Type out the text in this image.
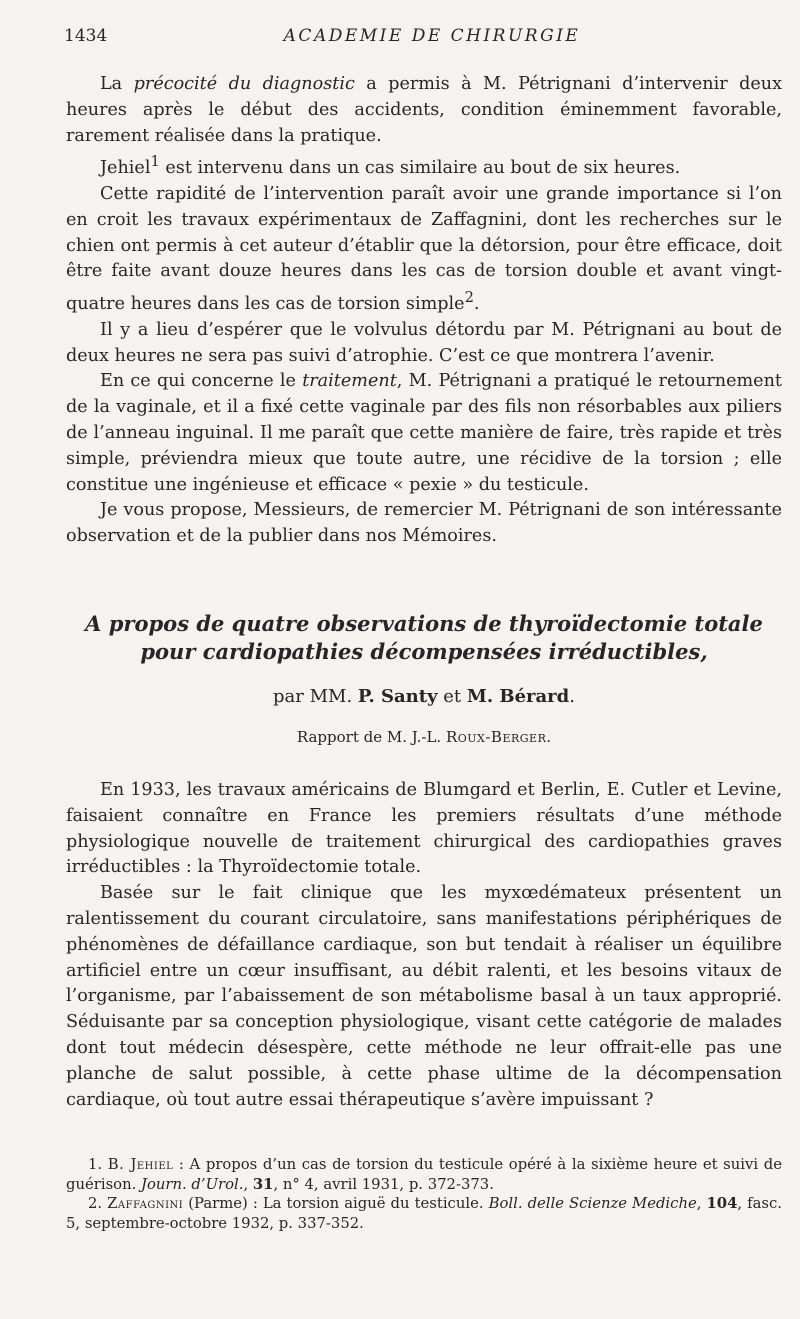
1434	ACADEMIE DE CHIRURGIE

La précocité du diagnostic a permis à M. Pétrignani d’intervenir deux heures après le début des accidents, condition éminemment favorable, rarement réalisée dans la pratique.

Jehiel$^1$ est intervenu dans un cas similaire au bout de six heures.

Cette rapidité de l’intervention paraît avoir une grande importance si l’on en croit les travaux expérimentaux de Zaffagnini, dont les recherches sur le chien ont permis à cet auteur d’établir que la détorsion, pour être efficace, doit être faite avant douze heures dans les cas de torsion double et avant vingt-quatre heures dans les cas de torsion simple$^2$.

Il y a lieu d’espérer que le volvulus détordu par M. Pétrignani au bout de deux heures ne sera pas suivi d’atrophie. C’est ce que montrera l’avenir.

En ce qui concerne le traitement, M. Pétrignani a pratiqué le retournement de la vaginale, et il a fixé cette vaginale par des fils non résorbables aux piliers de l’anneau inguinal. Il me paraît que cette manière de faire, très rapide et très simple, préviendra mieux que toute autre, une récidive de la torsion ; elle constitue une ingénieuse et efficace « pexie » du testicule.

Je vous propose, Messieurs, de remercier M. Pétrignani de son intéressante observation et de la publier dans nos Mémoires.

A propos de quatre observations de thyroïdectomie totale
pour cardiopathies décompensées irréductibles,
par MM. P. Santy et M. Bérard.
Rapport de M. J.-L. Roux-Berger.

En 1933, les travaux américains de Blumgard et Berlin, E. Cutler et Levine, faisaient connaître en France les premiers résultats d’une méthode physiologique nouvelle de traitement chirurgical des cardiopathies graves irréductibles : la Thyroïdectomie totale.

Basée sur le fait clinique que les myxœdémateux présentent un ralentissement du courant circulatoire, sans manifestations périphériques de phénomènes de défaillance cardiaque, son but tendait à réaliser un équilibre artificiel entre un cœur insuffisant, au débit ralenti, et les besoins vitaux de l’organisme, par l’abaissement de son métabolisme basal à un taux approprié. Séduisante par sa conception physiologique, visant cette catégorie de malades dont tout médecin désespère, cette méthode ne leur offrait-elle pas une planche de salut possible, à cette phase ultime de la décompensation cardiaque, où tout autre essai thérapeutique s’avère impuissant ?

1. B. Jehiel : A propos d’un cas de torsion du testicule opéré à la sixième heure et suivi de guérison. Journ. d’Urol., 31, n° 4, avril 1931, p. 372-373.

2. Zaffagnini (Parme) : La torsion aiguë du testicule. Boll. delle Scienze Mediche, 104, fasc. 5, septembre-octobre 1932, p. 337-352.
